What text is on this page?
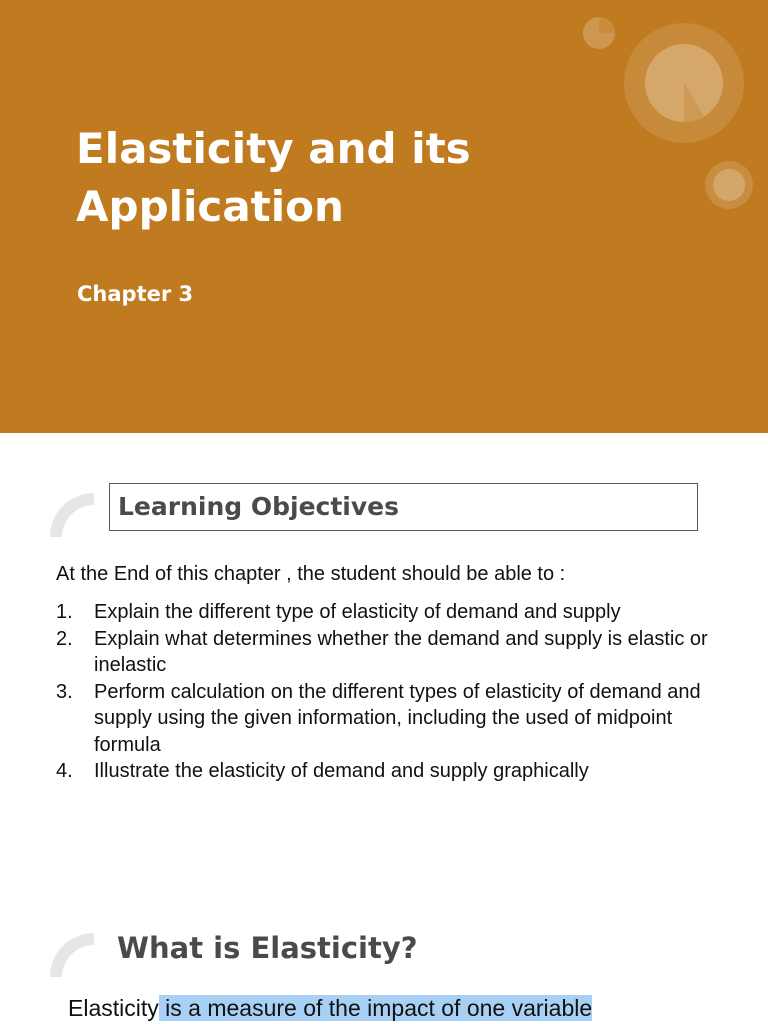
Elasticity and its
Application
Chapter 3
Learning Objectives
At the End of this chapter , the student should be able to :
1. Explain the different type of elasticity of demand and supply
2. Explain what determines whether the demand and supply is elastic or inelastic
3. Perform calculation on the different types of elasticity of demand and supply using the given information, including the used of midpoint formula
4. Illustrate the elasticity of demand and supply graphically
What is Elasticity?
Elasticity is a measure of the impact of one variable
